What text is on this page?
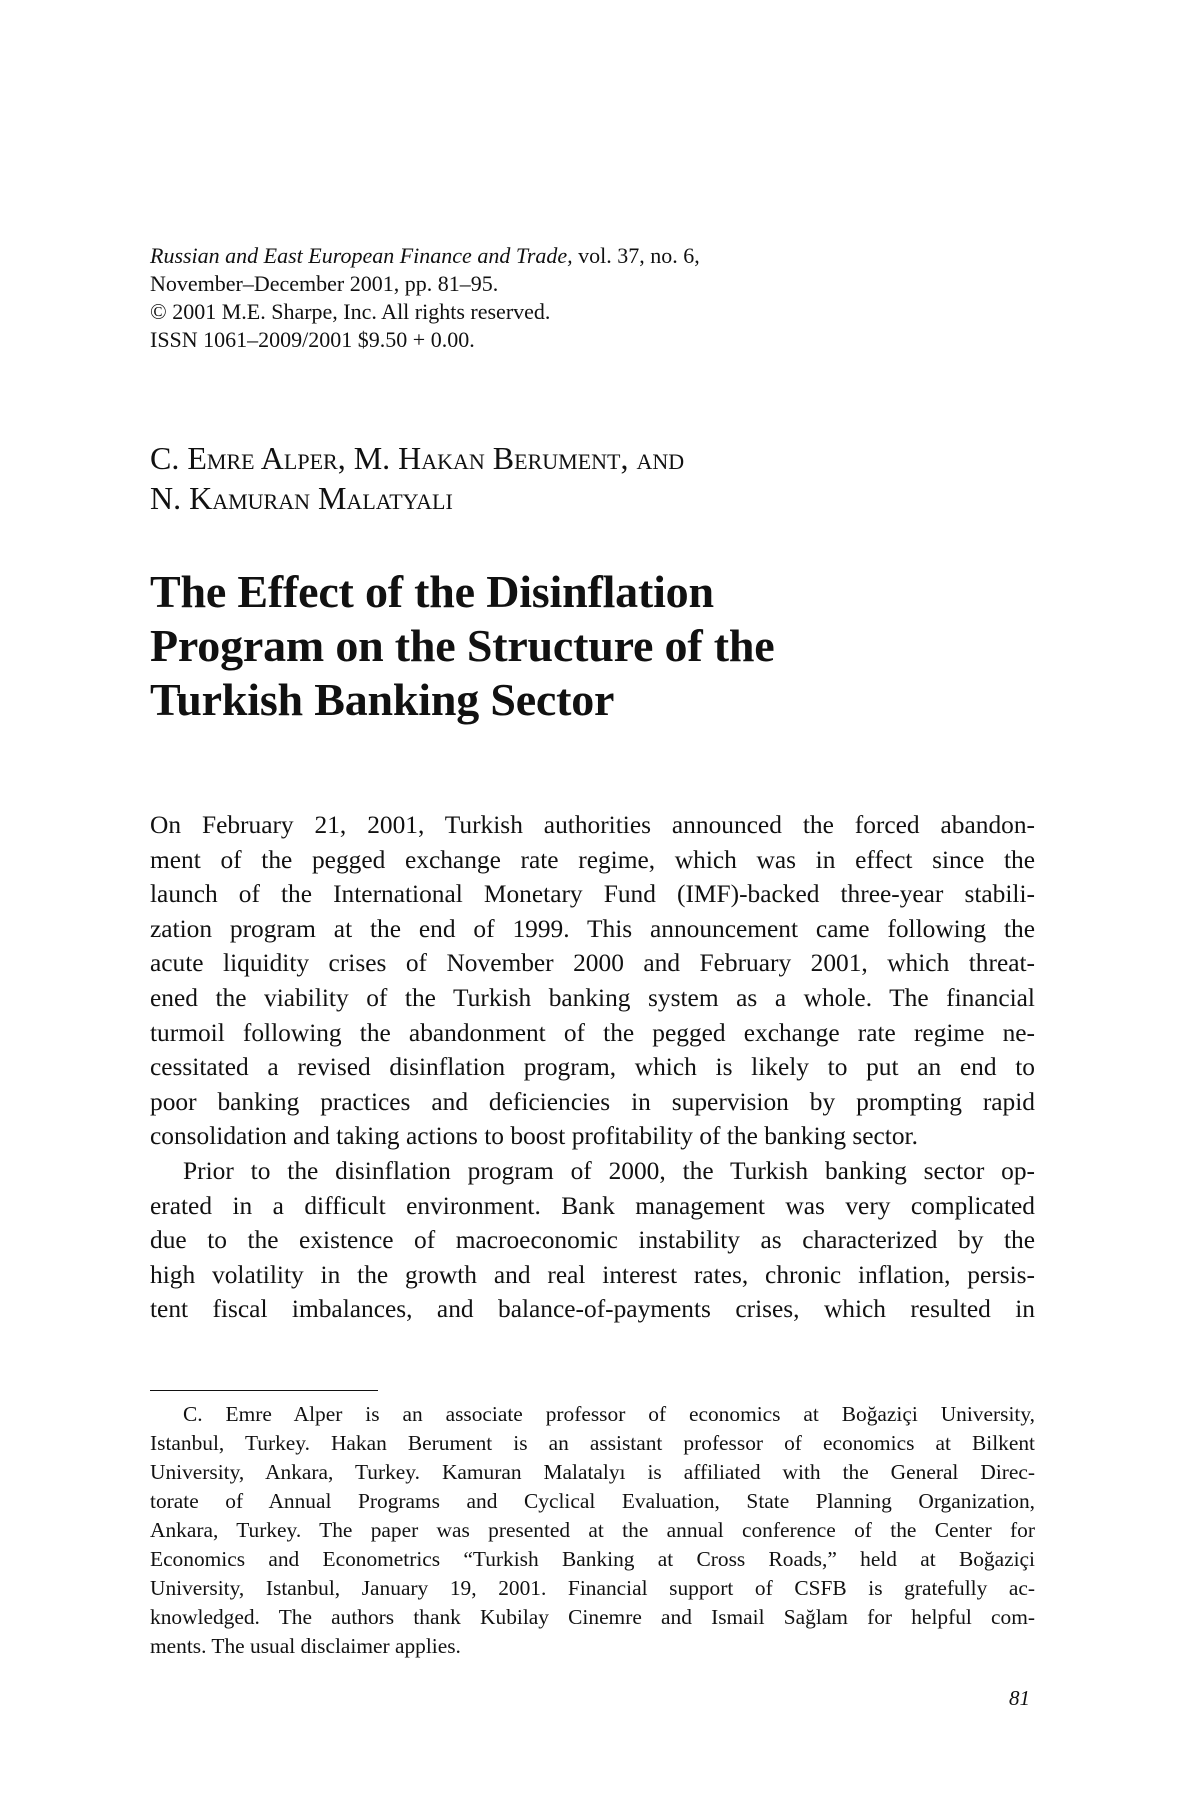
Russian and East European Finance and Trade, vol. 37, no. 6,
November–December 2001, pp. 81–95.
© 2001 M.E. Sharpe, Inc. All rights reserved.
ISSN 1061–2009/2001 $9.50 + 0.00.
C. Emre Alper, M. Hakan Berument, and
N. Kamuran Malatyali
The Effect of the Disinflation
Program on the Structure of the
Turkish Banking Sector

On February 21, 2001, Turkish authorities announced the forced abandon-
ment of the pegged exchange rate regime, which was in effect since the
launch of the International Monetary Fund (IMF)-backed three-year stabili-
zation program at the end of 1999. This announcement came following the
acute liquidity crises of November 2000 and February 2001, which threat-
ened the viability of the Turkish banking system as a whole. The financial
turmoil following the abandonment of the pegged exchange rate regime ne-
cessitated a revised disinflation program, which is likely to put an end to
poor banking practices and deficiencies in supervision by prompting rapid
consolidation and taking actions to boost profitability of the banking sector.

Prior to the disinflation program of 2000, the Turkish banking sector op-
erated in a difficult environment. Bank management was very complicated
due to the existence of macroeconomic instability as characterized by the
high volatility in the growth and real interest rates, chronic inflation, persis-
tent fiscal imbalances, and balance-of-payments crises, which resulted in

C. Emre Alper is an associate professor of economics at Boğaziçi University,
Istanbul, Turkey. Hakan Berument is an assistant professor of economics at Bilkent
University, Ankara, Turkey. Kamuran Malatalyı is affiliated with the General Direc-
torate of Annual Programs and Cyclical Evaluation, State Planning Organization,
Ankara, Turkey. The paper was presented at the annual conference of the Center for
Economics and Econometrics “Turkish Banking at Cross Roads,” held at Boğaziçi
University, Istanbul, January 19, 2001. Financial support of CSFB is gratefully ac-
knowledged. The authors thank Kubilay Cinemre and Ismail Sağlam for helpful com-
ments. The usual disclaimer applies.
81
